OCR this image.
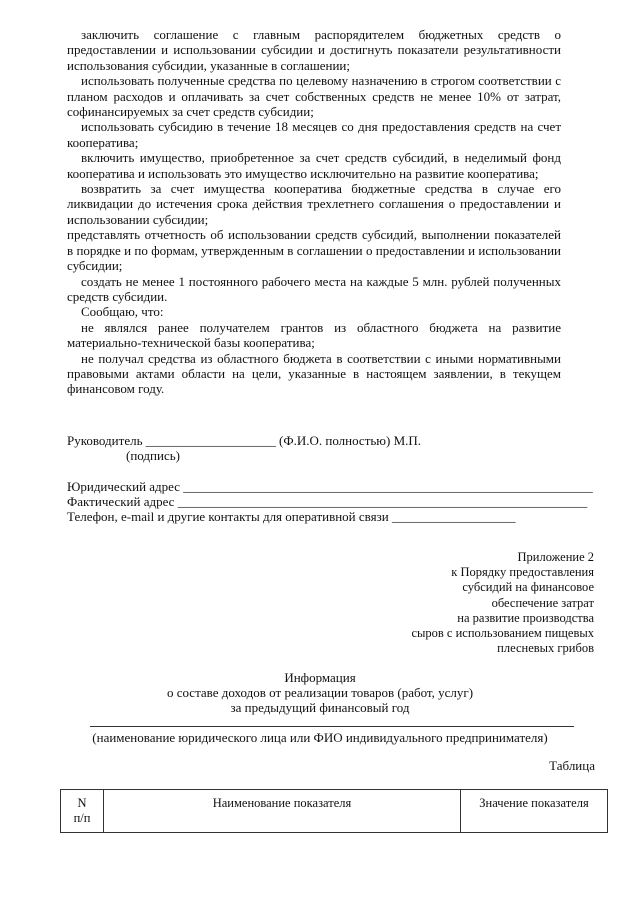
заключить соглашение с главным распорядителем бюджетных средств о предоставлении и использовании субсидии и достигнуть показатели результативности использования субсидии, указанные в соглашении;

использовать полученные средства по целевому назначению в строгом соответствии с планом расходов и оплачивать за счет собственных средств не менее 10% от затрат, софинансируемых за счет средств субсидии;

использовать субсидию в течение 18 месяцев со дня предоставления средств на счет кооператива;

включить имущество, приобретенное за счет средств субсидий, в неделимый фонд кооператива и использовать это имущество исключительно на развитие кооператива;

возвратить за счет имущества кооператива бюджетные средства в случае его ликвидации до истечения срока действия трехлетнего соглашения о предоставлении и использовании субсидии;

представлять отчетность об использовании средств субсидий, выполнении показателей в порядке и по формам, утвержденным в соглашении о предоставлении и использовании субсидии;

создать не менее 1 постоянного рабочего места на каждые 5 млн. рублей полученных средств субсидии.

Сообщаю, что:

не являлся ранее получателем грантов из областного бюджета на развитие материально-технической базы кооператива;

не получал средства из областного бюджета в соответствии с иными нормативными правовыми актами области на цели, указанные в настоящем заявлении, в текущем финансовом году.

Руководитель ____________________ (Ф.И.О. полностью) М.П.
(подпись)
Юридический адрес _______________________________________________________________
Фактический адрес _______________________________________________________________
Телефон, e-mail и другие контакты для оперативной связи ___________________
Приложение 2
к Порядку предоставления
субсидий на финансовое
обеспечение затрат
на развитие производства
сыров с использованием пищевых
плесневых грибов
Информация
о составе доходов от реализации товаров (работ, услуг)
за предыдущий финансовый год
(наименование юридического лица или ФИО индивидуального предпринимателя)
Таблица
N
п/п
	Наименование показателя	Значение показателя
